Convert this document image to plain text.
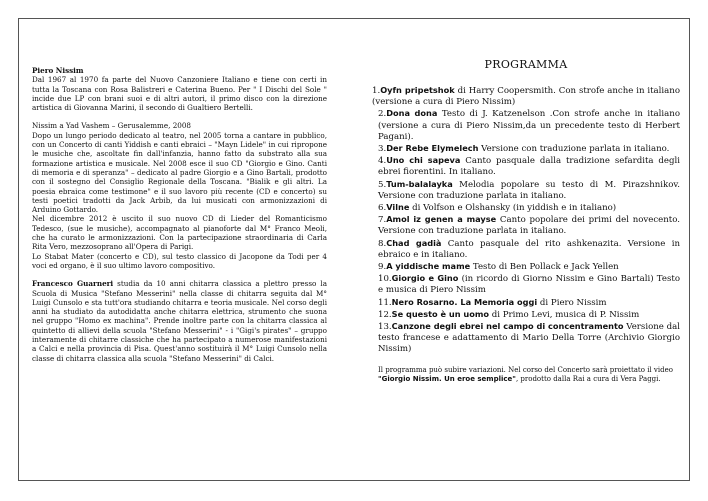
Piero Nissim
Dal 1967 al 1970 fa parte del Nuovo Canzoniere Italiano e tiene con certi in tutta la Toscana con Rosa Balistreri e Caterina Bueno. Per " I Dischi del Sole " incide due LP con brani suoi e di altri autori, il primo disco con la direzione artistica di Giovanna Marini, il secondo di Gualtiero Bertelli.

Nissim a Yad Vashem – Gerusalemme, 2008
Dopo un lungo periodo dedicato al teatro, nel 2005 torna a cantare in pubblico, con un Concerto di canti Yiddish e canti ebraici – "Mayn Lidele" in cui ripropone le musiche che, ascoltate fin dall'infanzia, hanno fatto da substrato alla sua formazione artistica e musicale. Nel 2008 esce il suo CD "Giorgio e Gino. Canti di memoria e di speranza" – dedicato al padre Giorgio e a Gino Bartali, prodotto con il sostegno del Consiglio Regionale della Toscana. "Bialik e gli altri. La poesia ebraica come testimone" e il suo lavoro più recente (CD e concerto) su testi poetici tradotti da Jack Arbib, da lui musicati con armonizzazioni di Arduino Gottardo.
Nel dicembre 2012 è uscito il suo nuovo CD di Lieder del Romanticismo Tedesco, (sue le musiche), accompagnato al pianoforte dal M° Franco Meoli, che ha curato le armonizzazioni. Con la partecipazione straordinaria di Carla Rita Vero, mezzosoprano all'Opera di Parigi.
Lo Stabat Mater (concerto e CD), sul testo classico di Jacopone da Todi per 4 voci ed organo, è il suo ultimo lavoro compositivo.

Francesco Guarneri studia da 10 anni chitarra classica a plettro presso la Scuola di Musica "Stefano Messerini" nella classe di chitarra seguita dal M° Luigi Cunsolo e sta tutt'ora studiando chitarra e teoria musicale. Nel corso degli anni ha studiato da autodidatta anche chitarra elettrica, strumento che suona nel gruppo "Homo ex machina". Prende inoltre parte con la chitarra classica al quintetto di allievi della scuola "Stefano Messerini" - i "Gigi's pirates" – gruppo interamente di chitarre classiche che ha partecipato a numerose manifestazioni a Calci e nella provincia di Pisa. Quest'anno sostituirà il M° Luigi Cunsolo nella classe di chitarra classica alla scuola "Stefano Messerini" di Calci.

PROGRAMMA
1.Oyfn pripetshok di Harry Coopersmith. Con strofe anche in italiano (versione a cura di Piero Nissim)
2.Dona dona Testo di J. Katzenelson .Con strofe anche in italiano (versione a cura di Piero Nissim,da un precedente testo di Herbert Pagani).
3.Der Rebe Elymelech Versione con traduzione parlata in italiano.
4.Uno chi sapeva Canto pasquale dalla tradizione sefardita degli ebrei fiorentini. In italiano.
5.Tum-balalayka Melodia popolare su testo di M. Pirazshnikov. Versione con traduzione parlata in italiano.
6.Vilne di Volfson e Olshansky (in yiddish e in italiano)
7.Amol iz genen a mayse Canto popolare dei primi del novecento. Versione con traduzione parlata in italiano.
8.Chad gadià Canto pasquale del rito ashkenazita. Versione in ebraico e in italiano.
9.A yiddische mame Testo di Ben Pollack e Jack Yellen
10.Giorgio e Gino (in ricordo di Giorno Nissim e Gino Bartali) Testo e musica di Piero Nissim
11.Nero Rosarno. La Memoria oggi di Piero Nissim
12.Se questo è un uomo di Primo Levi, musica di P. Nissim
13.Canzone degli ebrei nel campo di concentramento Versione dal testo francese e adattamento di Mario Della Torre (Archivio Giorgio Nissim)
Il programma può subire variazioni. Nel corso del Concerto sarà proiettato il video "Giorgio Nissim. Un eroe semplice", prodotto dalla Rai a cura di Vera Paggi.
